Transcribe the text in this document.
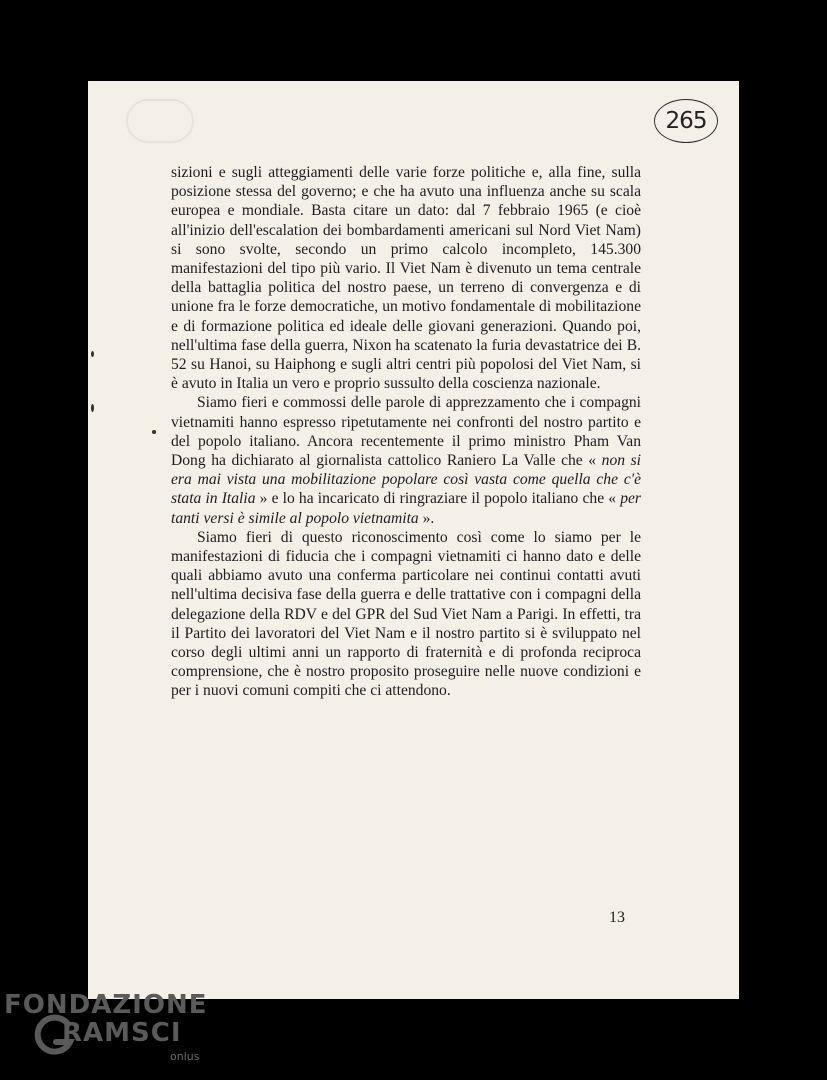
265

sizioni e sugli atteggiamenti delle varie forze politiche e, alla fine, sulla posizione stessa del governo; e che ha avuto una influenza anche su scala europea e mondiale. Basta citare un dato: dal 7 febbraio 1965 (e cioè all'inizio dell'escalation dei bombardamenti americani sul Nord Viet Nam) si sono svolte, secondo un primo calcolo incompleto, 145.300 manifestazioni del tipo più vario. Il Viet Nam è divenuto un tema centrale della battaglia politica del nostro paese, un terreno di convergenza e di unione fra le forze democratiche, un motivo fondamentale di mobilitazione e di formazione politica ed ideale delle giovani generazioni. Quando poi, nell'ultima fase della guerra, Nixon ha scatenato la furia devastatrice dei B. 52 su Hanoi, su Haiphong e sugli altri centri più popolosi del Viet Nam, si è avuto in Italia un vero e proprio sussulto della coscienza nazionale.

Siamo fieri e commossi delle parole di apprezzamento che i compagni vietnamiti hanno espresso ripetutamente nei confronti del nostro partito e del popolo italiano. Ancora recentemente il primo ministro Pham Van Dong ha dichiarato al giornalista cattolico Raniero La Valle che « non si era mai vista una mobilitazione popolare così vasta come quella che c'è stata in Italia » e lo ha incaricato di ringraziare il popolo italiano che « per tanti versi è simile al popolo vietnamita ».

Siamo fieri di questo riconoscimento così come lo siamo per le manifestazioni di fiducia che i compagni vietnamiti ci hanno dato e delle quali abbiamo avuto una conferma particolare nei continui contatti avuti nell'ultima decisiva fase della guerra e delle trattative con i compagni della delegazione della RDV e del GPR del Sud Viet Nam a Parigi. In effetti, tra il Partito dei lavoratori del Viet Nam e il nostro partito si è sviluppato nel corso degli ultimi anni un rapporto di fraternità e di profonda reciproca comprensione, che è nostro proposito proseguire nelle nuove condizioni e per i nuovi comuni compiti che ci attendono.

13
FONDAZIONE
RAMSCI
onlus
